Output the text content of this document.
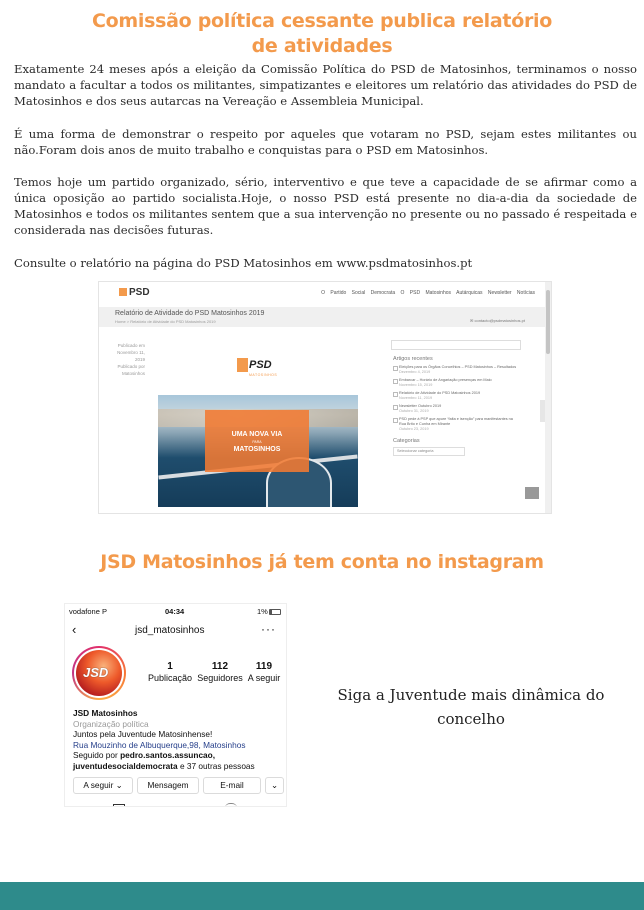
Comissão política cessante publica relatório
de atividades

Exatamente 24 meses após a eleição da Comissão Política do PSD de Matosinhos, terminamos o nosso mandato a facultar a todos os militantes, simpatizantes e eleitores um relatório das atividades do PSD de Matosinhos e dos seus autarcas na Vereação e Assembleia Municipal.

É uma forma de demonstrar o respeito por aqueles que votaram no PSD, sejam estes militantes ou não.Foram dois anos de muito trabalho e conquistas para o PSD em Matosinhos.

Temos hoje um partido organizado, sério, interventivo e que teve a capacidade de se afirmar como a única oposição ao partido socialista.Hoje, o nosso PSD está presente no dia-a-dia da sociedade de Matosinhos e todos os militantes sentem que a sua intervenção no presente ou no passado é respeitada e considerada nas decisões futuras.

Consulte o relatório na página do PSD Matosinhos em www.psdmatosinhos.pt

PSD	O Partido Social Democrata O PSD Matosinhos Autárquicas Newsletter Notícias
Relatório de Atividade do PSD Matosinhos 2019
Home > Relatório de Atividade do PSD Matosinhos 2019	✉ contacto@psdmatosinhos.pt
Publicado em
Novembro 11,
2019
Publicado por
Matosinhos
PSD
MATOSINHOS
UMA NOVA VIA
PARA
MATOSINHOS
Artigos recentes
Eleições para os Órgãos Concelhios – PSD Matosinhos – Resultados
Dezembro 4, 2019
Embarcar – Horário de Angariação presenças em Maio
Novembro 15, 2019
Relatório de Atividade do PSD Matosinhos 2019
Novembro 11, 2019
Newsletter Outubro 2019
Outubro 31, 2019
PSD pede à PSP que apure “falta e isenção” para manifestantes na Rua Brito e Cunha em Mirante
Outubro 23, 2019
Categorias
Seleccionar categoria
JSD Matosinhos já tem conta no instagram
vodafone P	04:34	1%
‹	jsd_matosinhos	···
JSD	1
Publicação
112
Seguidores
119
A seguir
JSD Matosinhos
Organização política
Juntos pela Juventude Matosinhense!
Rua Mouzinho de Albuquerque,98, Matosinhos
Seguido por pedro.santos.assuncao, juventudesocialdemocrata e 37 outras pessoas
A seguir ⌄	Mensagem	E-mail	⌄
Siga a Juventude mais dinâmica do
concelho
